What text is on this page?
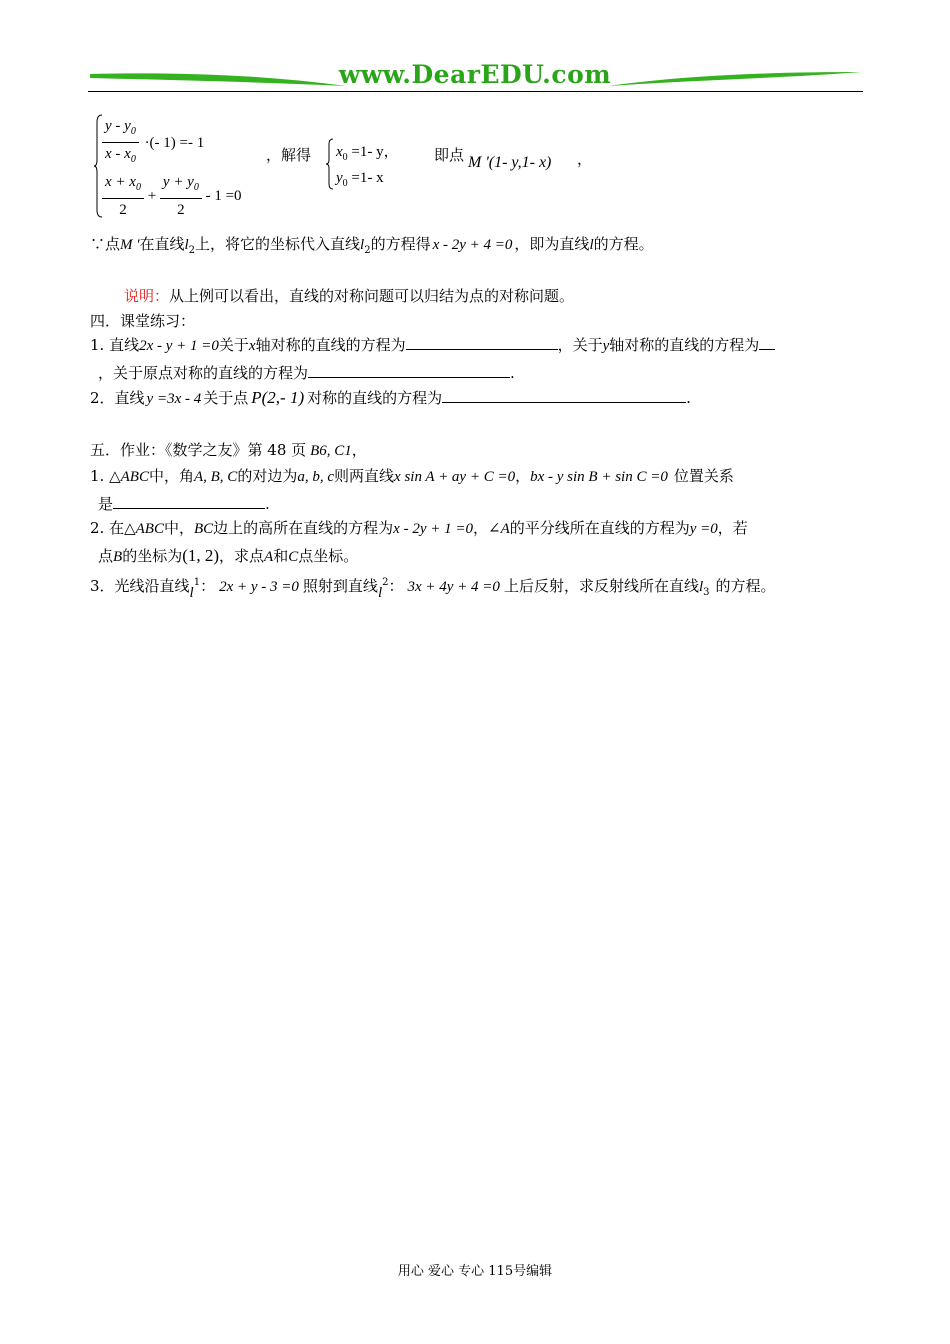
www.DearEDU.com
$\frac{y - y_0}{x - x_0}$ ·(- 1) =- 1
$\frac{x + x_0}{2} + \frac{y + y_0}{2} - 1 =0$
，解得 $x_0 =1-$ y，
$y_0 =1-$ x
即点 M '(1- y,1- x) ，
∵点M '在直线$l_2$上，将它的坐标代入直线$l_2$的方程得 x - 2y + 4 =0 ，即为直线l的方程。
说明：从上例可以看出，直线的对称问题可以归结为点的对称问题。
四．课堂练习：
1. 直线2x - y + 1 =0关于x轴对称的直线的方程为	，关于y轴对称的直线的方程为
，关于原点对称的直线的方程为	.
2．直线 y =3x - 4 关于点 P(2,- 1) 对称的直线的方程为	.
五．作业：《数学之友》第 48 页 B6, C1，
1. △ABC中，角A, B, C的对边为a, b, c则两直线x sin A + ay + C =0，bx - y sin B + sin C =0 位置关系
是	.
2. 在△ABC中，BC边上的高所在直线的方程为x - 2y + 1 =0，∠A的平分线所在直线的方程为y =0，若
点B的坐标为(1, 2)，求点A和C点坐标。
3．光线沿直线$l^1$： 2x + y - 3 =0 照射到直线$l^2$： 3x + 4y + 4 =0 上后反射，求反射线所在直线$l_3$ 的方程。
用心 爱心 专心 115号编辑
